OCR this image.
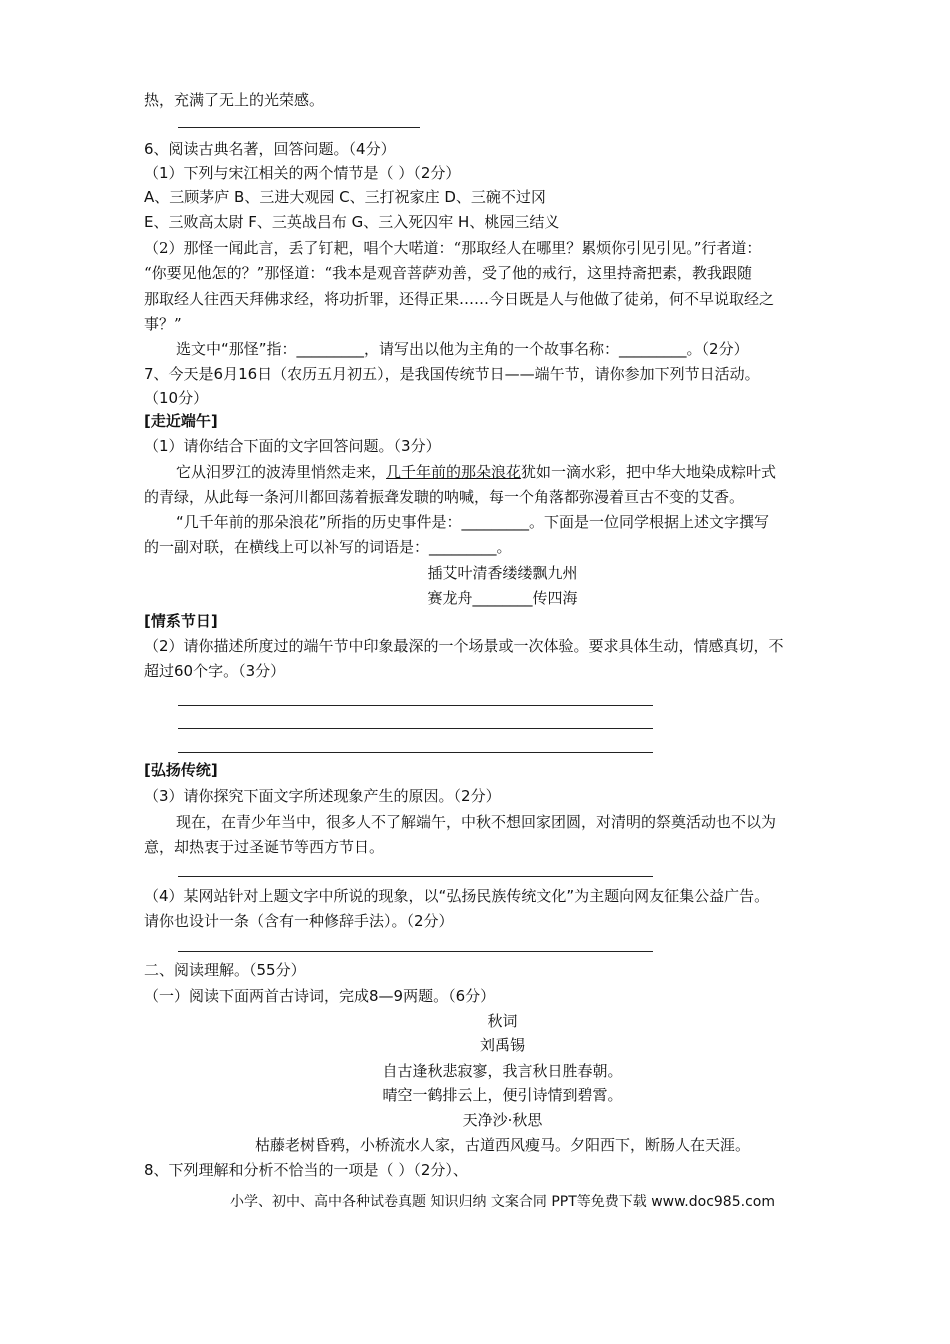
热，充满了无上的光荣感。
6、阅读古典名著，回答问题。（4分）
（1）下列与宋江相关的两个情节是（ ）（2分）
A、三顾茅庐 B、三进大观园 C、三打祝家庄 D、三碗不过冈
E、三败高太尉 F、三英战吕布 G、三入死囚牢 H、桃园三结义
（2）那怪一闻此言，丢了钉耙，唱个大喏道：“那取经人在哪里？累烦你引见引见。”行者道：
“你要见他怎的？”那怪道：“我本是观音菩萨劝善，受了他的戒行，这里持斋把素，教我跟随
那取经人往西天拜佛求经，将功折罪，还得正果……今日既是人与他做了徒弟，何不早说取经之
事？”
选文中“那怪”指：_________，请写出以他为主角的一个故事名称：_________。（2分）
7、今天是6月16日（农历五月初五），是我国传统节日——端午节，请你参加下列节日活动。
（10分）
[走近端午]
（1）请你结合下面的文字回答问题。（3分）
它从汨罗江的波涛里悄然走来，几千年前的那朵浪花犹如一滴水彩，把中华大地染成粽叶式
的青绿，从此每一条河川都回荡着振聋发聩的呐喊，每一个角落都弥漫着亘古不变的艾香。
“几千年前的那朵浪花”所指的历史事件是：_________。下面是一位同学根据上述文字撰写
的一副对联，在横线上可以补写的词语是：_________。
插艾叶清香缕缕飘九州
赛龙舟________传四海
[情系节日]
（2）请你描述所度过的端午节中印象最深的一个场景或一次体验。要求具体生动，情感真切，不
超过60个字。（3分）
[弘扬传统]
（3）请你探究下面文字所述现象产生的原因。（2分）
现在，在青少年当中，很多人不了解端午，中秋不想回家团圆，对清明的祭奠活动也不以为
意，却热衷于过圣诞节等西方节日。
（4）某网站针对上题文字中所说的现象，以“弘扬民族传统文化”为主题向网友征集公益广告。
请你也设计一条（含有一种修辞手法）。（2分）
二、阅读理解。（55分）
（一）阅读下面两首古诗词，完成8—9两题。（6分）
秋词
刘禹锡
自古逢秋悲寂寥，我言秋日胜春朝。
晴空一鹤排云上，便引诗情到碧霄。
天净沙·秋思
枯藤老树昏鸦，小桥流水人家，古道西风瘦马。夕阳西下，断肠人在天涯。
8、下列理解和分析不恰当的一项是（ ）（2分）、
小学、初中、高中各种试卷真题 知识归纳 文案合同 PPT等免费下载 www.doc985.com
